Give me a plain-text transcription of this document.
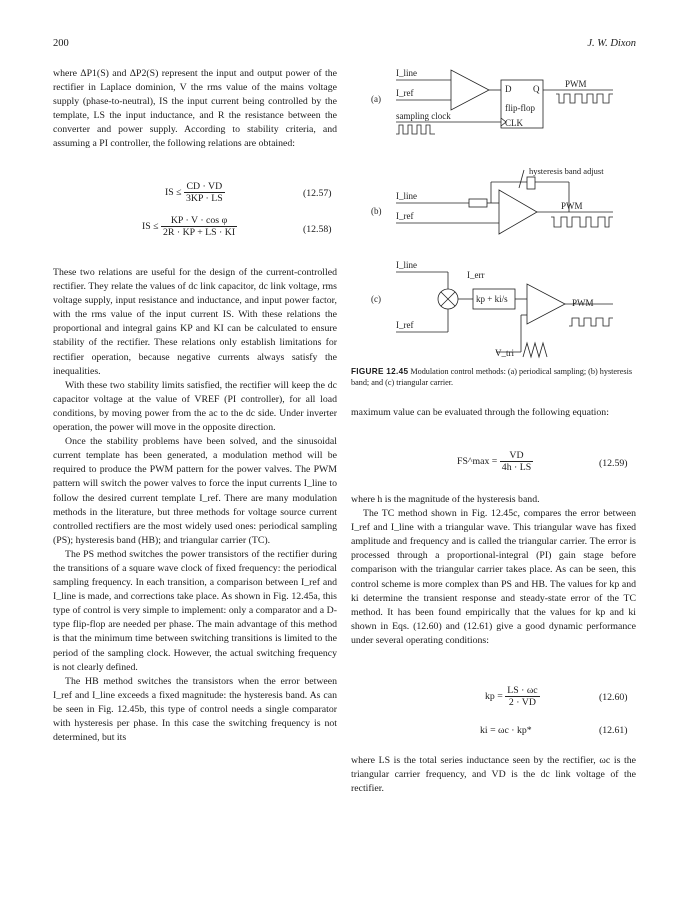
200	J. W. Dixon

where ΔP1(S) and ΔP2(S) represent the input and output power of the rectifier in Laplace dominion, V the rms value of the mains voltage supply (phase-to-neutral), IS the input current being controlled by the template, LS the input inductance, and R the resistance between the converter and power supply. According to stability criteria, and assuming a PI controller, the following relations are obtained:

IS ≤ $\frac{CD \cdot VD}{3KP \cdot LS}$	(12.57)
IS ≤ $\frac{\text{KP · V · cos φ}}{2R \cdot KP + LS \cdot KI}$	(12.58)

These two relations are useful for the design of the current-controlled rectifier. They relate the values of dc link capacitor, dc link voltage, rms voltage supply, input resistance and inductance, and input power factor, with the rms value of the input current IS. With these relations the proportional and integral gains KP and KI can be calculated to ensure stability of the rectifier. These relations only establish limitations for rectifier operation, because negative currents always satisfy the inequalities.

With these two stability limits satisfied, the rectifier will keep the dc capacitor voltage at the value of VREF (PI controller), for all load conditions, by moving power from the ac to the dc side. Under inverter operation, the power will move in the opposite direction.

Once the stability problems have been solved, and the sinusoidal current template has been generated, a modulation method will be required to produce the PWM pattern for the power valves. The PWM pattern will switch the power valves to force the input currents I_line to follow the desired current template I_ref. There are many modulation methods in the literature, but three methods for voltage source current controlled rectifiers are the most widely used ones: periodical sampling (PS); hysteresis band (HB); and triangular carrier (TC).

The PS method switches the power transistors of the rectifier during the transitions of a square wave clock of fixed frequency: the periodical sampling frequency. In each transition, a comparison between I_ref and I_line is made, and corrections take place. As shown in Fig. 12.45a, this type of control is very simple to implement: only a comparator and a D-type flip-flop are needed per phase. The main advantage of this method is that the minimum time between switching transitions is limited to the period of the sampling clock. However, the actual switching frequency is not clearly defined.

The HB method switches the transistors when the error between I_ref and I_line exceeds a fixed magnitude: the hysteresis band. As can be seen in Fig. 12.45b, this type of control needs a single comparator with hysteresis per phase. In this case the switching frequency is not determined, but its

(a)
I_line
I_ref
sampling clock
D Q
flip-flop
CLK
PWM
(b)
hysteresis band adjust
I_line
I_ref
PWM
(c)
I_line
I_err
I_ref
kp + ki/s	PWM
V_tri
FIGURE 12.45 Modulation control methods: (a) periodical sampling; (b) hysteresis band; and (c) triangular carrier.

maximum value can be evaluated through the following equation:

FS^max = $\frac{VD}{4h \cdot LS}$	(12.59)

where h is the magnitude of the hysteresis band.

The TC method shown in Fig. 12.45c, compares the error between I_ref and I_line with a triangular wave. This triangular wave has fixed amplitude and frequency and is called the triangular carrier. The error is processed through a proportional-integral (PI) gain stage before comparison with the triangular carrier takes place. As can be seen, this control scheme is more complex than PS and HB. The values for kp and ki determine the transient response and steady-state error of the TC method. It has been found empirically that the values for kp and ki shown in Eqs. (12.60) and (12.61) give a good dynamic performance under several operating conditions:

kp = $\frac{LS \cdot \omega c}{2 \cdot VD}$	(12.60)
ki = ωc · kp*	(12.61)

where LS is the total series inductance seen by the rectifier, ωc is the triangular carrier frequency, and VD is the dc link voltage of the rectifier.
